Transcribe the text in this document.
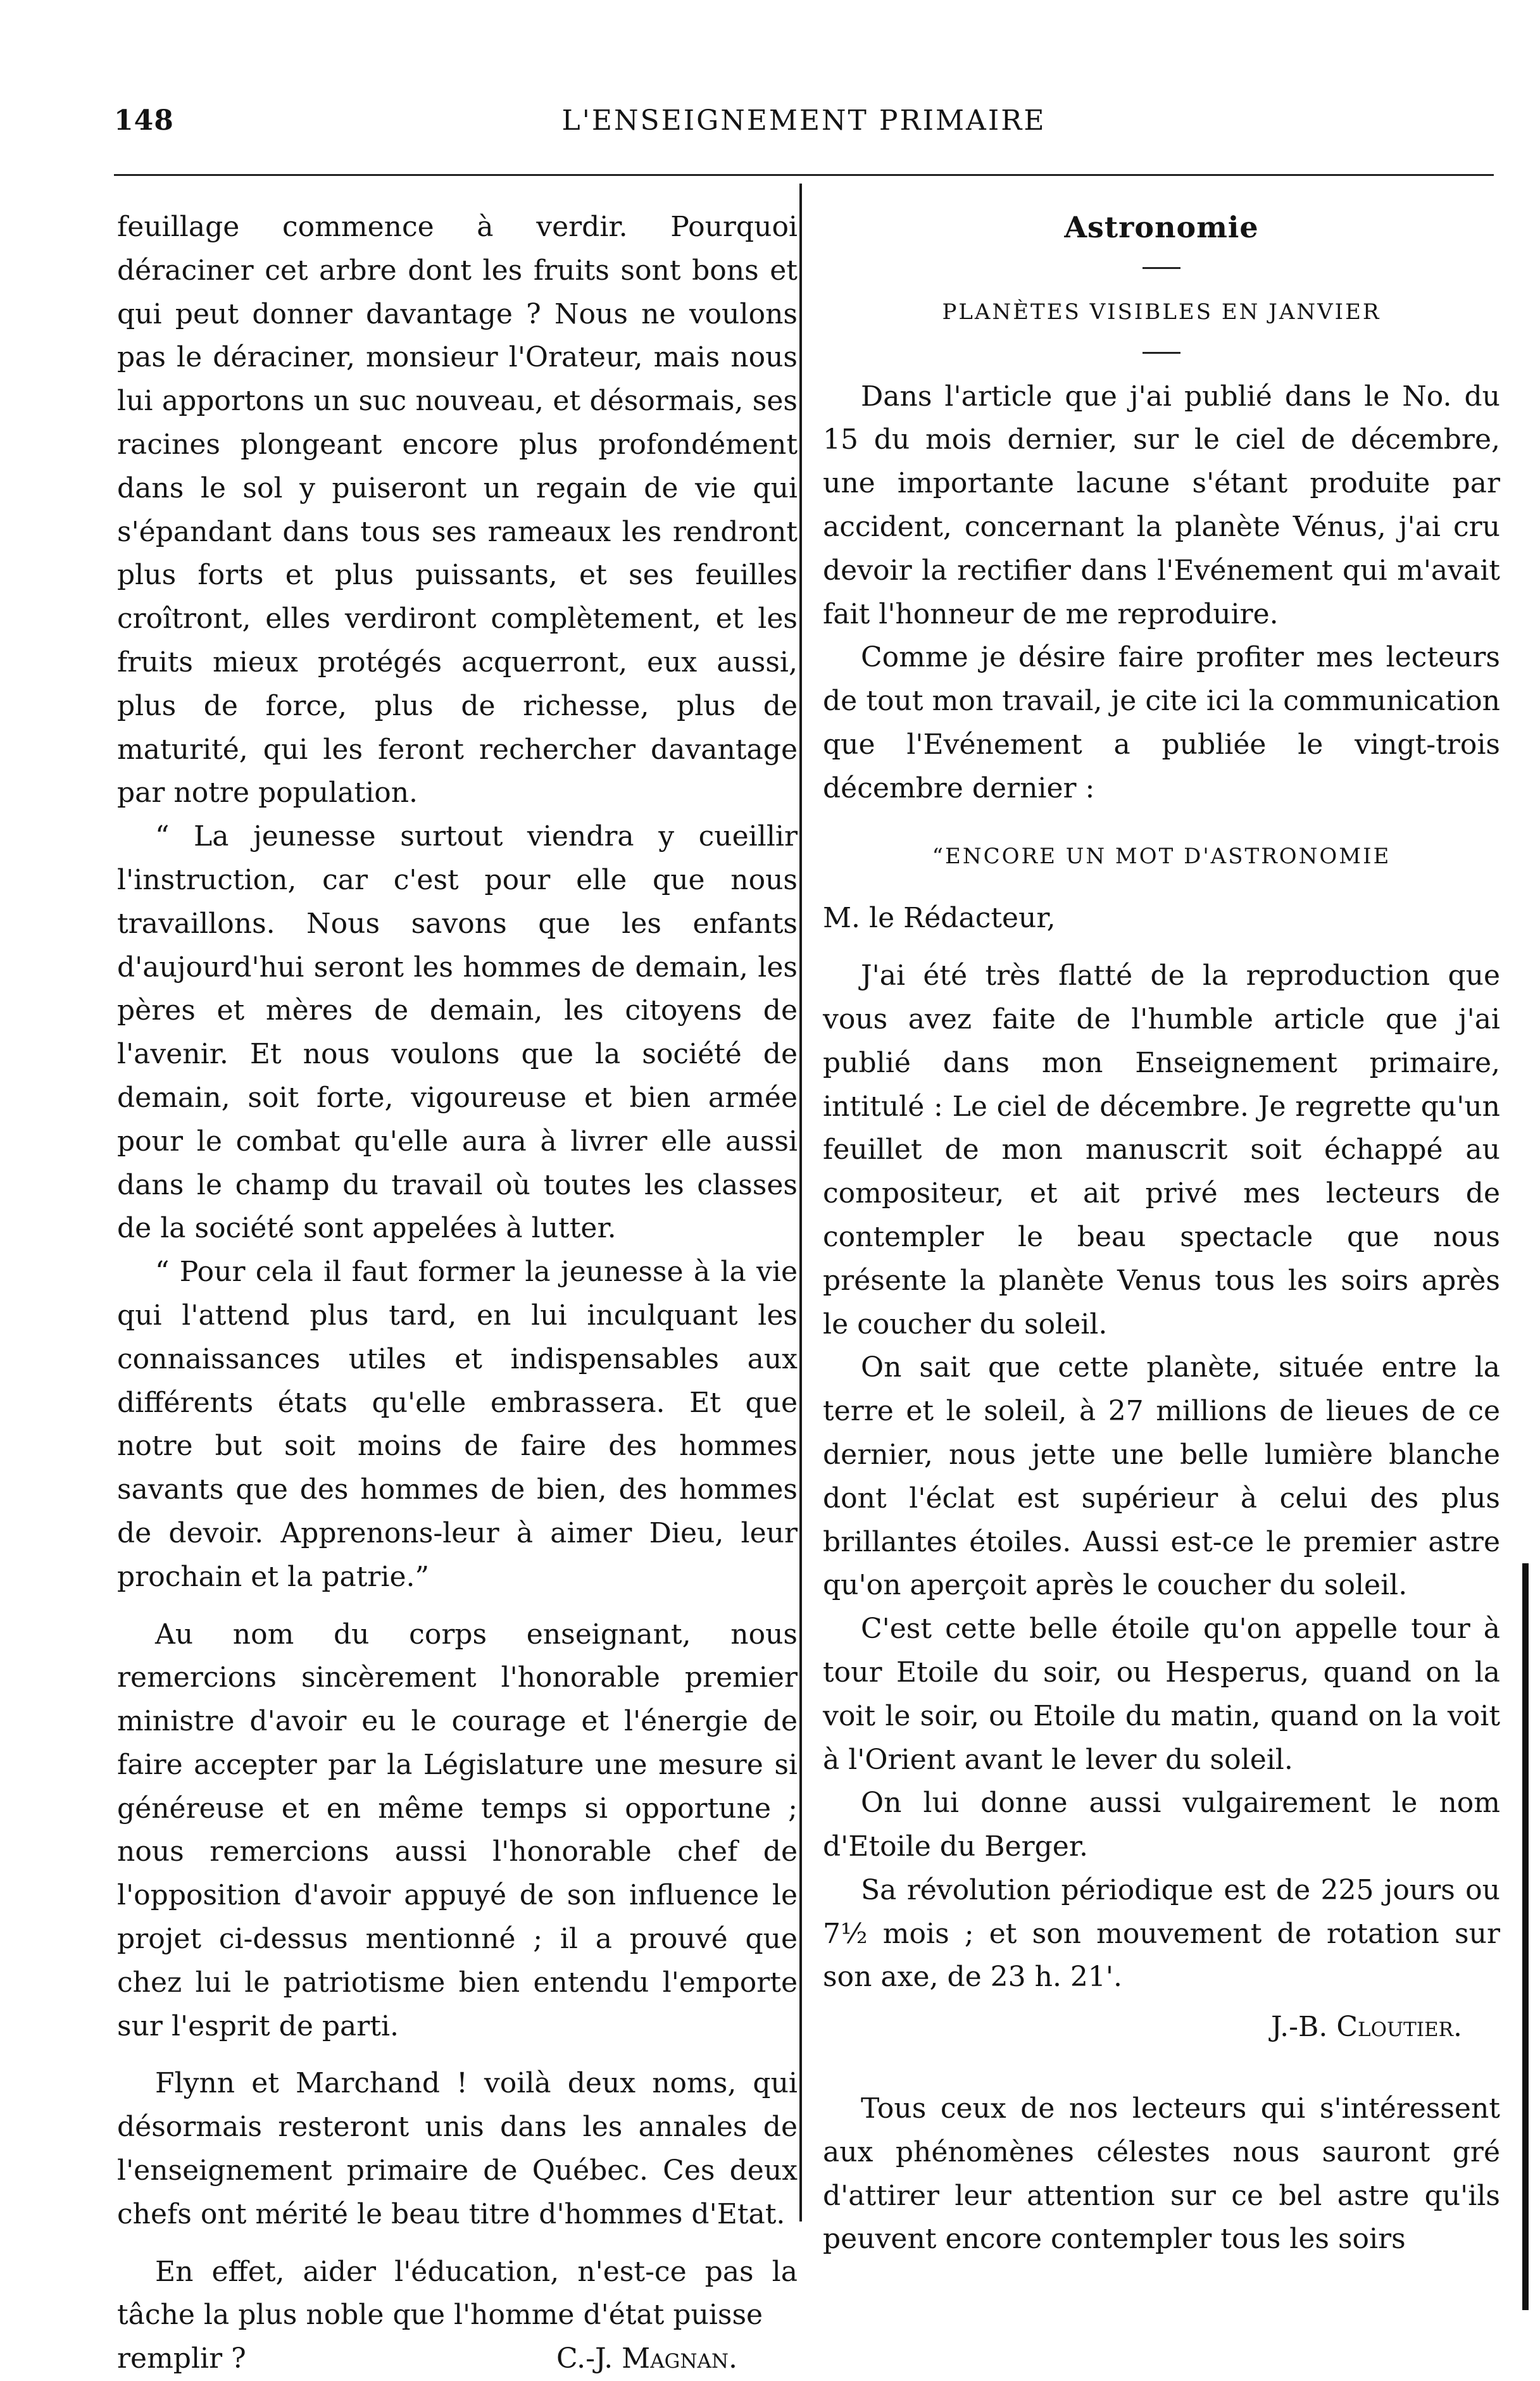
148	L'ENSEIGNEMENT PRIMAIRE

feuillage commence à verdir. Pourquoi déraciner cet arbre dont les fruits sont bons et qui peut donner davantage ? Nous ne voulons pas le déraciner, monsieur l'Orateur, mais nous lui apportons un suc nouveau, et désormais, ses racines plongeant encore plus profondément dans le sol y puiseront un regain de vie qui s'épandant dans tous ses rameaux les rendront plus forts et plus puissants, et ses feuilles croîtront, elles verdiront complètement, et les fruits mieux protégés acquerront, eux aussi, plus de force, plus de richesse, plus de maturité, qui les feront rechercher davantage par notre population.

“ La jeunesse surtout viendra y cueillir l'instruction, car c'est pour elle que nous travaillons. Nous savons que les enfants d'aujourd'hui seront les hommes de demain, les pères et mères de demain, les citoyens de l'avenir. Et nous voulons que la société de demain, soit forte, vigoureuse et bien armée pour le combat qu'elle aura à livrer elle aussi dans le champ du travail où toutes les classes de la société sont appelées à lutter.

“ Pour cela il faut former la jeunesse à la vie qui l'attend plus tard, en lui inculquant les connaissances utiles et indispensables aux différents états qu'elle embrassera. Et que notre but soit moins de faire des hommes savants que des hommes de bien, des hommes de devoir. Apprenons-leur à aimer Dieu, leur prochain et la patrie.”

Au nom du corps enseignant, nous remercions sincèrement l'honorable premier ministre d'avoir eu le courage et l'énergie de faire accepter par la Législature une mesure si généreuse et en même temps si opportune ; nous remercions aussi l'honorable chef de l'opposition d'avoir appuyé de son influence le projet ci-dessus mentionné ; il a prouvé que chez lui le patriotisme bien entendu l'emporte sur l'esprit de parti.

Flynn et Marchand ! voilà deux noms, qui désormais resteront unis dans les annales de l'enseignement primaire de Québec. Ces deux chefs ont mérité le beau titre d'hommes d'Etat.

En effet, aider l'éducation, n'est-ce pas la tâche la plus noble que l'homme d'état puisse

remplir ?	C.-J. Magnan.
Astronomie
PLANÈTES VISIBLES EN JANVIER

Dans l'article que j'ai publié dans le No. du 15 du mois dernier, sur le ciel de décembre, une importante lacune s'étant produite par accident, concernant la planète Vénus, j'ai cru devoir la rectifier dans l'Evénement qui m'avait fait l'honneur de me reproduire.

Comme je désire faire profiter mes lecteurs de tout mon travail, je cite ici la communication que l'Evénement a publiée le vingt-trois décembre dernier :

“ENCORE UN MOT D'ASTRONOMIE

M. le Rédacteur,

J'ai été très flatté de la reproduction que vous avez faite de l'humble article que j'ai publié dans mon Enseignement primaire, intitulé : Le ciel de décembre. Je regrette qu'un feuillet de mon manuscrit soit échappé au compositeur, et ait privé mes lecteurs de contempler le beau spectacle que nous présente la planète Venus tous les soirs après le coucher du soleil.

On sait que cette planète, située entre la terre et le soleil, à 27 millions de lieues de ce dernier, nous jette une belle lumière blanche dont l'éclat est supérieur à celui des plus brillantes étoiles. Aussi est-ce le premier astre qu'on aperçoit après le coucher du soleil.

C'est cette belle étoile qu'on appelle tour à tour Etoile du soir, ou Hesperus, quand on la voit le soir, ou Etoile du matin, quand on la voit à l'Orient avant le lever du soleil.

On lui donne aussi vulgairement le nom d'Etoile du Berger.

Sa révolution périodique est de 225 jours ou 7½ mois ; et son mouvement de rotation sur son axe, de 23 h. 21'.

J.-B. Cloutier.

Tous ceux de nos lecteurs qui s'intéressent aux phénomènes célestes nous sauront gré d'attirer leur attention sur ce bel astre qu'ils peuvent encore contempler tous les soirs
